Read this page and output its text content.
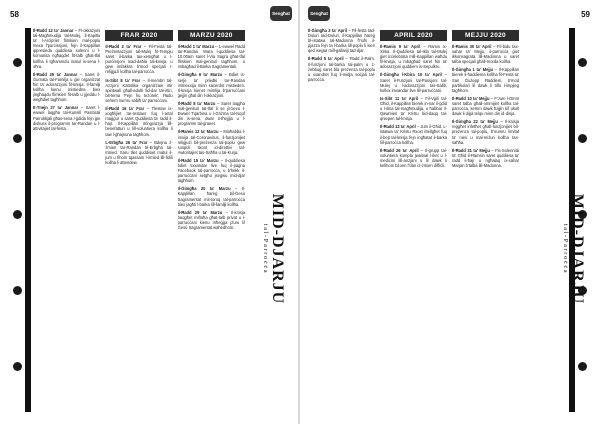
58	Sengħat

Il-Ħadd 12 ta' Jannar – Fl-okkażjoni tal-Magħmudija tal-Mulej, il-Kapitlu ta' l-Arċipriet flimkien mal-poplu mexa f'purċissjoni, fejn il-Kappillan ippresieda quddiesa solenni u l-komunita ngħaqdet fit-talb għat-tfal kollha li tgħammdu matul is-sena l-oħra.

Il-Ħadd 26 ta' Jannar – Saret il-Ġurnata tal-Familja u ġie organizzat ħin ta' adorazzjoni fil-knisja. Il-familji kollha kienu mistiedna biex jingħaqdu flimkien fit-talb u jġeddu l-wegħdiet tagħhom.

It-Tnejn 27 ta' Jannar – Saret l-ewwel laqgħa tal-Kunsill Pastorali Parrokkjali għas-sena l-ġdida fejn ġie diskuss il-programm tar-Randan u l-attivitajiet tal-festa.

FRAR 2020

Il-Ħadd 2 ta' Frar – Fil-Festa tal-Preżentazzjoni tal-Mulej fit-Tempju saret il-barka tax-xemgħat u l-purċissjoni mad-daħla tal-knisja, u ġew imfakkra b'mod speċjali r-reliġjużi kollha tal-parroċċa.

Is-Sibt 8 ta' Frar – Il-membri tal-Azzjoni Kattolika organizzaw irtir spiritwali għall-adulti fid-dar tal-irtiri, bit-tema 'Fejn hu teżorek'. Ħadu sehem numru sabiħ ta' parruċċani.

Il-Ħadd 16 ta' Frar – Tlestew ix-xogħlijiet tar-restawr fuq l-artal maġġur u saret Quddiesa ta' radd il-ħajr. Il-Kappillan irringrazzja lill-benefatturi u lill-voluntiera kollha li taw l-għajnuna tagħhom.

L-Erbgħa 26 ta' Frar – Bdejna ż-żmien tar-Randan bl-Erbgħa tal-Irmied. Saru tliet quddisiet matul il-jum u fihom tqassam l-irmied lill-fidili kollha li attendew.

MARZU 2020

Il-Ħadd 1 ta' Marzu – L-ewwel Ħadd tar-Randan. Wara l-quddiesa tal-10.00am saret l-Via Sagra għat-tfal flimkien mal-ġenituri tagħhom, u imbagħad il-Barka Sagramentali.

Il-Ġimgħa 6 ta' Marzu – Bdiet is-serje ta' priedki tar-Randan immexxija minn saċerdot mistieden. Il-knisja kienet mimlija b'parruċċani ġejjin għal din l-okkażjoni.

Il-Ħadd 8 ta' Marzu – Saret laqgħa mal-ġenituri tat-tfal li se jirċievu l-Ewwel Tqarbina u l-Griżma tal-Isqof din is-sena, dwar it-tħejjija u l-programm tal-ġranet.

Il-Ħamis 12 ta' Marzu – Minħabba l-imxija tal-Coronavirus, il-funzjonijiet reliġjużi bil-preżenza tal-poplu ġew sospiżi skont id-direttivi tal-Awtoritajiet tas-Saħħa u tal-Kurja.

Il-Ħadd 15 ta' Marzu – Il-quddiesa bdiet tixxandar live fuq il-paġna Facebook tal-parroċċa, u b'hekk il-parruċċani setgħu jsegwu mid-djar tagħhom.

Il-Ġimgħa 20 ta' Marzu – Il-Kappillan ħareġ bil-Ġesù Sagramentat mit-toroq tal-parroċċa biex jagħti l-barka lill-familji kollha.

Il-Ħadd 29 ta' Marzu – Il-knisja baqgħet miftuħa għat-talb privat u l-parruċċani kienu mħeġġa jżuru lil Ġesù Sagramentat waħedhom.	MID-DJARJU
tal-Parroċċa
59
Sengħat

Il-Ġimgħa 3 ta' April – Fil-festa tad-Duluri tad-Duluri, il-Kappillan ħareġ bl-istatwa tal-Madonna f'nofs il-pjazza fejn ta l-barka lill-poplu li kien qed isegwi mill-gallariji tad-djar.

Il-Ħadd 5 ta' April – Ħadd il-Palm. Il-funzjoni tal-barka tal-palm u ż-żebbuġ saret bla preżenza tal-poplu u xxandret fuq il-midja soċjali tal-parroċċa.

APRIL 2020

Il-Ħamis 9 ta' April – Ħamis ix-Xirka. Il-Quddiesa tal-Ikla tal-Mulej ġiet iċċelebrata mill-Kappillan waħdu fil-knisja, u mbagħad saret ħin ta' adorazzjoni quddiem is-Sepulkru.

Il-Ġimgħa l-Kbira 10 ta' April – Saret il-Funzjoni tal-Passjoni tal-Mulej u l-adorazzjoni tas-Salib, kollox imxandar live lill-parruċċani.

Is-Sibt 11 ta' April – Fil-Vġili tal-Għid, il-Kappillan bierek in-nar il-ġdid u l-ilma tal-magħmudija, u ħabbar il-Qawmien ta' Kristu bid-daqq tal-qniepen tal-knisja.

Il-Ħadd 12 ta' April – Jum il-Għid. L-istatwa ta' Kristu Rxoxt ittellgħet fuq il-bejt tal-knisja fejn ingħatat il-barka lill-parroċċa kollha.

Il-Ħadd 26 ta' April – Il-grupp tal-voluntiera kompla jwassal l-ikel u l-mediċini lill-anzjani u lil dawk li kellhom bżonn f'dan iż-żmien diffiċli.

MEJJU 2020

Il-Ħamis 30 ta' April – Fil-bidu tax-xahar ta' Mejju, il-parroċċa ġiet ikkonsagrata lill-Madonna u saret talba speċjali għall-morda kollha.

Il-Ġimgħa 1 ta' Mejju – Il-Kappillan bierek il-ħaddiema kollha fil-Festa ta' San Ġużepp Ħaddiem, b'mod partikolari lil dawk li tilfu l-impjieg tagħhom.

Il-Ħadd 10 ta' Mejju – F'Jum l-Omm saret talba għall-ommijiet kollha tal-parroċċa, kemm dawk ħajjin kif ukoll dawk li diġà telqu minn din id-dinja.

Il-Ġimgħa 22 ta' Mejju – Il-knisja reġgħet infetħet għall-funzjonijiet bil-preżenza tal-poplu, b'numru limitat ta' nies u mal-miżuri kollha tas-saħħa.

Il-Ħadd 31 ta' Mejju – Fis-Solennità ta' Għid il-Ħamsin saret quddiesa ta' radd il-ħajr u ngħalaq ix-xahar Marjan b'talba lill-Madonna.

MID-DJARJU
tal-Parroċċa
